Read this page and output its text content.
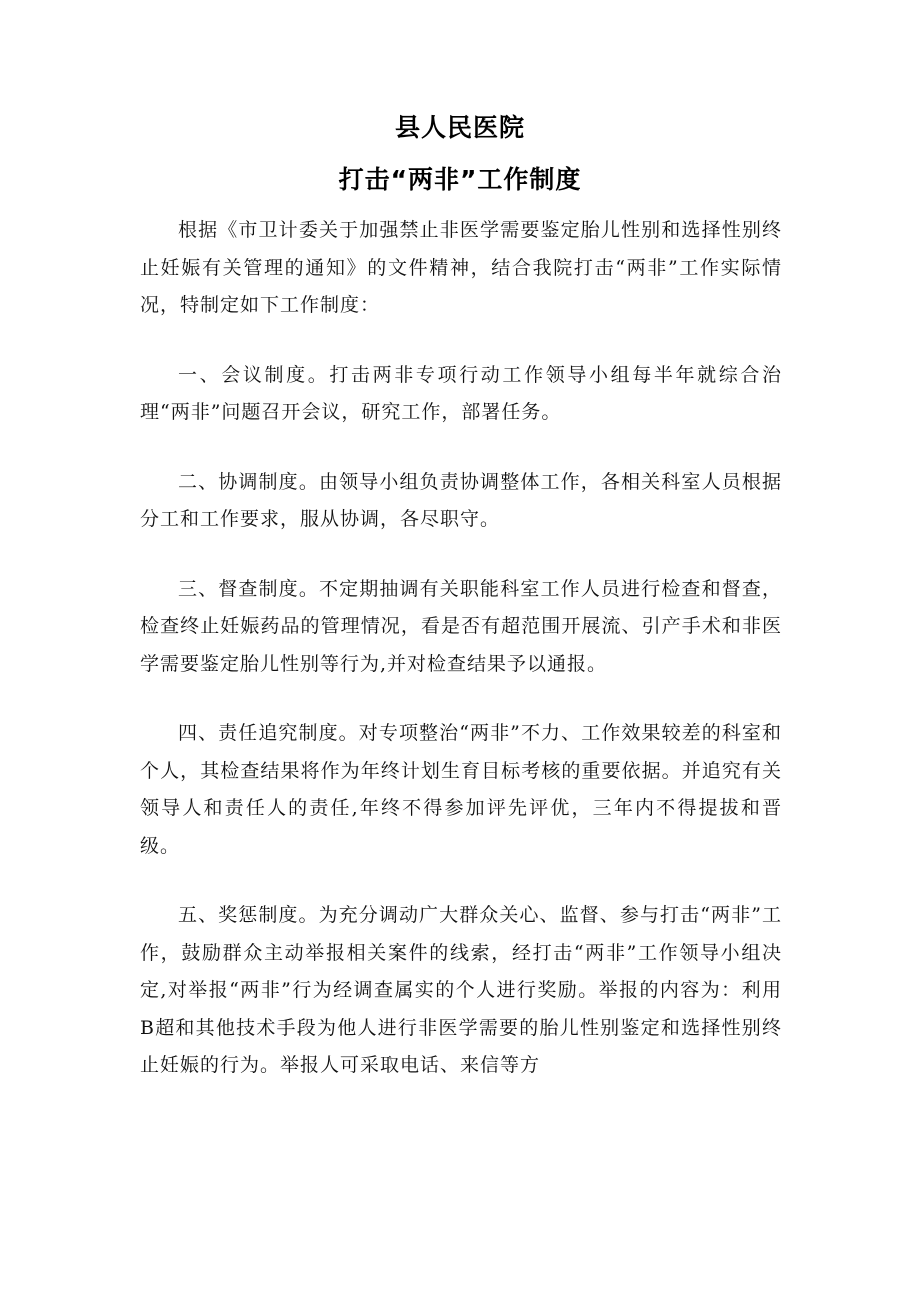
县人民医院
打击“两非”工作制度

根据《市卫计委关于加强禁止非医学需要鉴定胎儿性别和选择性别终止妊娠有关管理的通知》的文件精神，结合我院打击“两非”工作实际情况，特制定如下工作制度：

一、会议制度。打击两非专项行动工作领导小组每半年就综合治理“两非”问题召开会议，研究工作，部署任务。

二、协调制度。由领导小组负责协调整体工作，各相关科室人员根据分工和工作要求，服从协调，各尽职守。

三、督查制度。不定期抽调有关职能科室工作人员进行检查和督查，检查终止妊娠药品的管理情况，看是否有超范围开展流、引产手术和非医学需要鉴定胎儿性别等行为,并对检查结果予以通报。

四、责任追究制度。对专项整治“两非”不力、工作效果较差的科室和个人，其检查结果将作为年终计划生育目标考核的重要依据。并追究有关领导人和责任人的责任,年终不得参加评先评优，三年内不得提拔和晋级。

五、奖惩制度。为充分调动广大群众关心、监督、参与打击“两非”工作，鼓励群众主动举报相关案件的线索，经打击“两非”工作领导小组决定,对举报“两非”行为经调查属实的个人进行奖励。举报的内容为：利用B超和其他技术手段为他人进行非医学需要的胎儿性别鉴定和选择性别终止妊娠的行为。举报人可采取电话、来信等方
